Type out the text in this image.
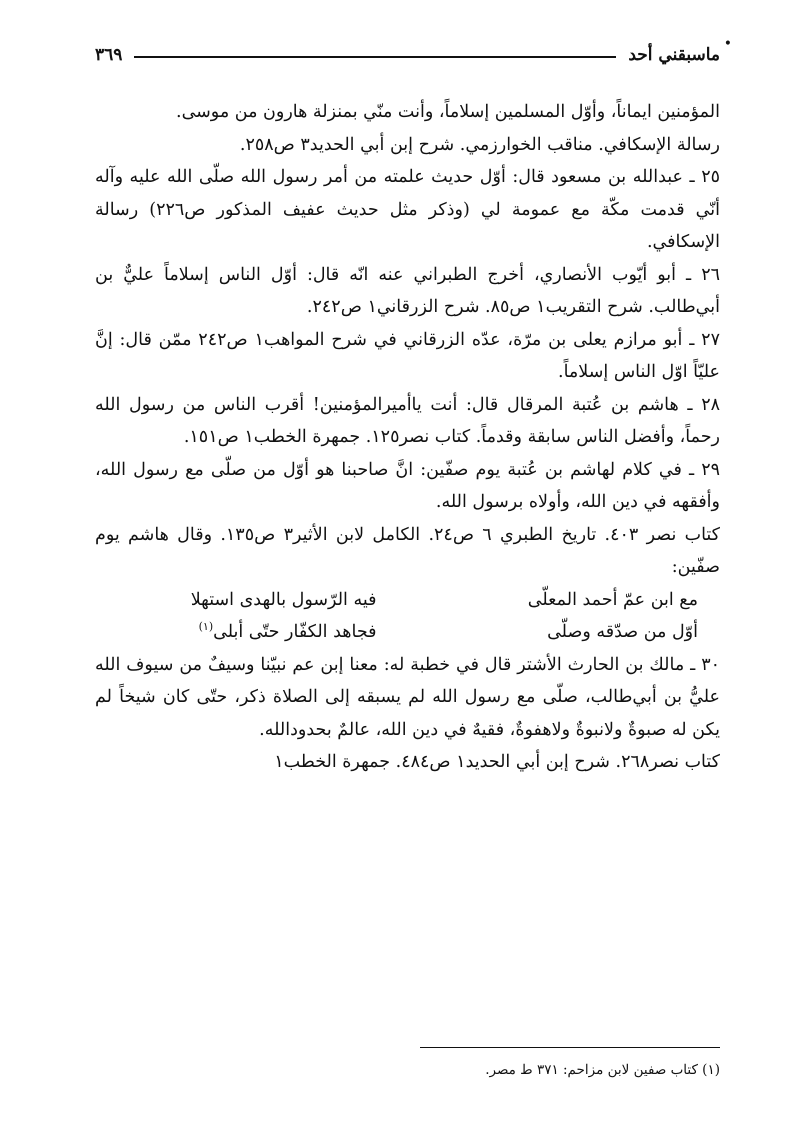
•
ماسبقني أحد
٣٦٩

المؤمنين ايماناً، وأوّل المسلمين إسلاماً، وأنت منّي بمنزلة هارون من موسى.

رسالة الإسكافي. مناقب الخوارزمي. شرح إبن أبي الحديد٣ ص٢٥٨.

٢٥ ـ عبدالله بن مسعود قال: أوّل حديث علمته من أمر رسول الله صلّى الله عليه وآله أنّي قدمت مكّة مع عمومة لي (وذكر مثل حديث عفيف المذكور ص٢٢٦) رسالة الإسكافي.

٢٦ ـ أبو أيّوب الأنصاري، أخرج الطبراني عنه انّه قال: أوّل الناس إسلاماً عليٌّ بن أبي‌طالب. شرح التقريب١ ص٨٥. شرح الزرقاني١ ص٢٤٢.

٢٧ ـ أبو مرازم يعلى بن مرّة، عدّه الزرقاني في شرح المواهب١ ص٢٤٢ ممّن قال: إنَّ عليّاً اوّل الناس إسلاماً.

٢٨ ـ هاشم بن عُتبة المرقال قال: أنت ياأميرالمؤمنين! أقرب الناس من رسول الله رحماً، وأفضل الناس سابقة وقدماً. كتاب نصر١٢٥. جمهرة الخطب١ ص١٥١.

٢٩ ـ في كلام لهاشم بن عُتبة يوم صفّين: انَّ صاحبنا هو أوّل من صلّى مع رسول الله، وأفقهه في دين الله، وأولاه برسول الله.

كتاب نصر ٤٠٣. تاريخ الطبري ٦ ص٢٤. الكامل لابن الأثير٣ ص١٣٥. وقال هاشم يوم صفّين:

مع ابن عمّ أحمد المعلّى
فيه الرّسول بالهدى استهلا
أوّل من صدّقه وصلّى
فجاهد الكفّار حتّى أبلى$^{(١)}$

٣٠ ـ مالك بن الحارث الأشتر قال في خطبة له: معنا إبن عم نبيّنا وسيفٌ من سيوف الله عليُّ بن أبي‌طالب، صلّى مع رسول الله لم يسبقه إلى الصلاة ذكر، حتّى كان شيخاً لم يكن له صبوةٌ ولانبوةٌ ولاهفوةٌ، فقيهٌ في دين الله، عالمٌ بحدودالله.

كتاب نصر٢٦٨. شرح إبن أبي الحديد١ ص٤٨٤. جمهرة الخطب١

(١) كتاب صفين لابن مزاحم: ٣٧١ ط مصر.
